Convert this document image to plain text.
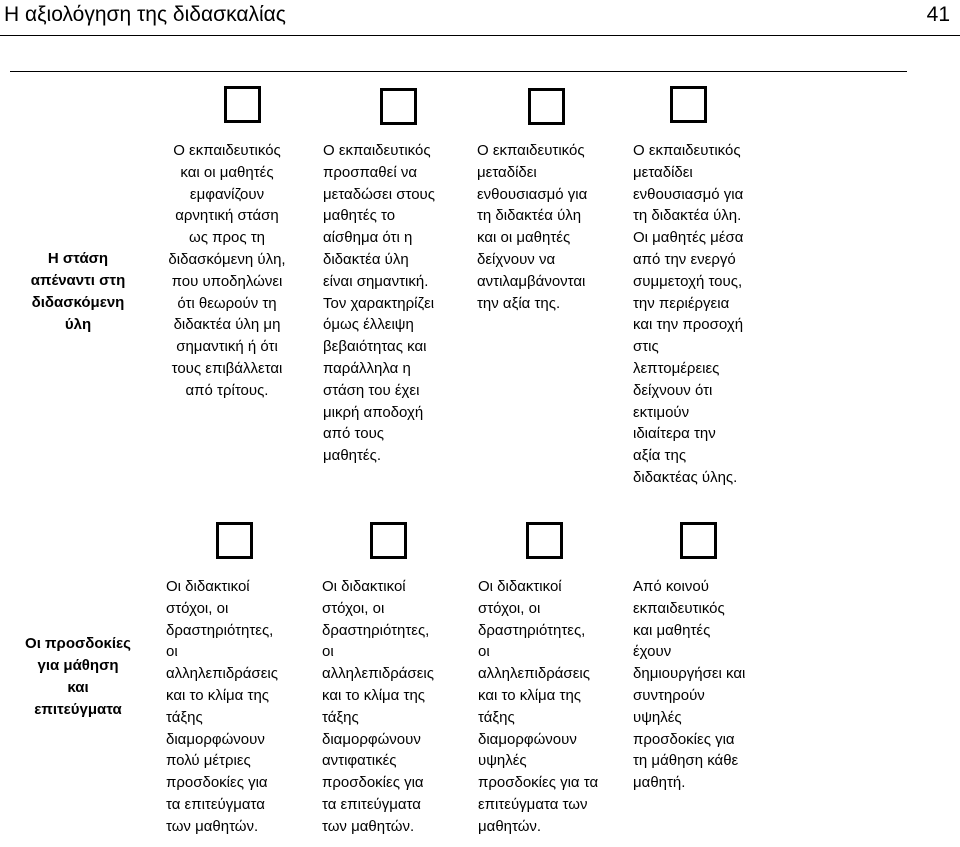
Η αξιολόγηση της διδασκαλίας	41
Η στάση
απέναντι στη
διδασκόμενη
ύλη
Ο εκπαιδευτικός
και οι μαθητές
εμφανίζουν
αρνητική στάση
ως προς τη
διδασκόμενη ύλη,
που υποδηλώνει
ότι θεωρούν τη
διδακτέα ύλη μη
σημαντική ή ότι
τους επιβάλλεται
από τρίτους.
Ο εκπαιδευτικός
προσπαθεί να
μεταδώσει στους
μαθητές το
αίσθημα ότι η
διδακτέα ύλη
είναι σημαντική.
Τον χαρακτηρίζει
όμως έλλειψη
βεβαιότητας και
παράλληλα η
στάση του έχει
μικρή αποδοχή
από τους
μαθητές.
Ο εκπαιδευτικός
μεταδίδει
ενθουσιασμό για
τη διδακτέα ύλη
και οι μαθητές
δείχνουν να
αντιλαμβάνονται
την αξία της.
Ο εκπαιδευτικός
μεταδίδει
ενθουσιασμό για
τη διδακτέα ύλη.
Οι μαθητές μέσα
από την ενεργό
συμμετοχή τους,
την περιέργεια
και την προσοχή
στις
λεπτομέρειες
δείχνουν ότι
εκτιμούν
ιδιαίτερα την
αξία της
διδακτέας ύλης.
Οι προσδοκίες
για μάθηση
και
επιτεύγματα
Οι διδακτικοί
στόχοι, οι
δραστηριότητες,
οι
αλληλεπιδράσεις
και το κλίμα της
τάξης
διαμορφώνουν
πολύ μέτριες
προσδοκίες για
τα επιτεύγματα
των μαθητών.
Οι διδακτικοί
στόχοι, οι
δραστηριότητες,
οι
αλληλεπιδράσεις
και το κλίμα της
τάξης
διαμορφώνουν
αντιφατικές
προσδοκίες για
τα επιτεύγματα
των μαθητών.
Οι διδακτικοί
στόχοι, οι
δραστηριότητες,
οι
αλληλεπιδράσεις
και το κλίμα της
τάξης
διαμορφώνουν
υψηλές
προσδοκίες για τα
επιτεύγματα των
μαθητών.
Από κοινού
εκπαιδευτικός
και μαθητές
έχουν
δημιουργήσει και
συντηρούν
υψηλές
προσδοκίες για
τη μάθηση κάθε
μαθητή.
